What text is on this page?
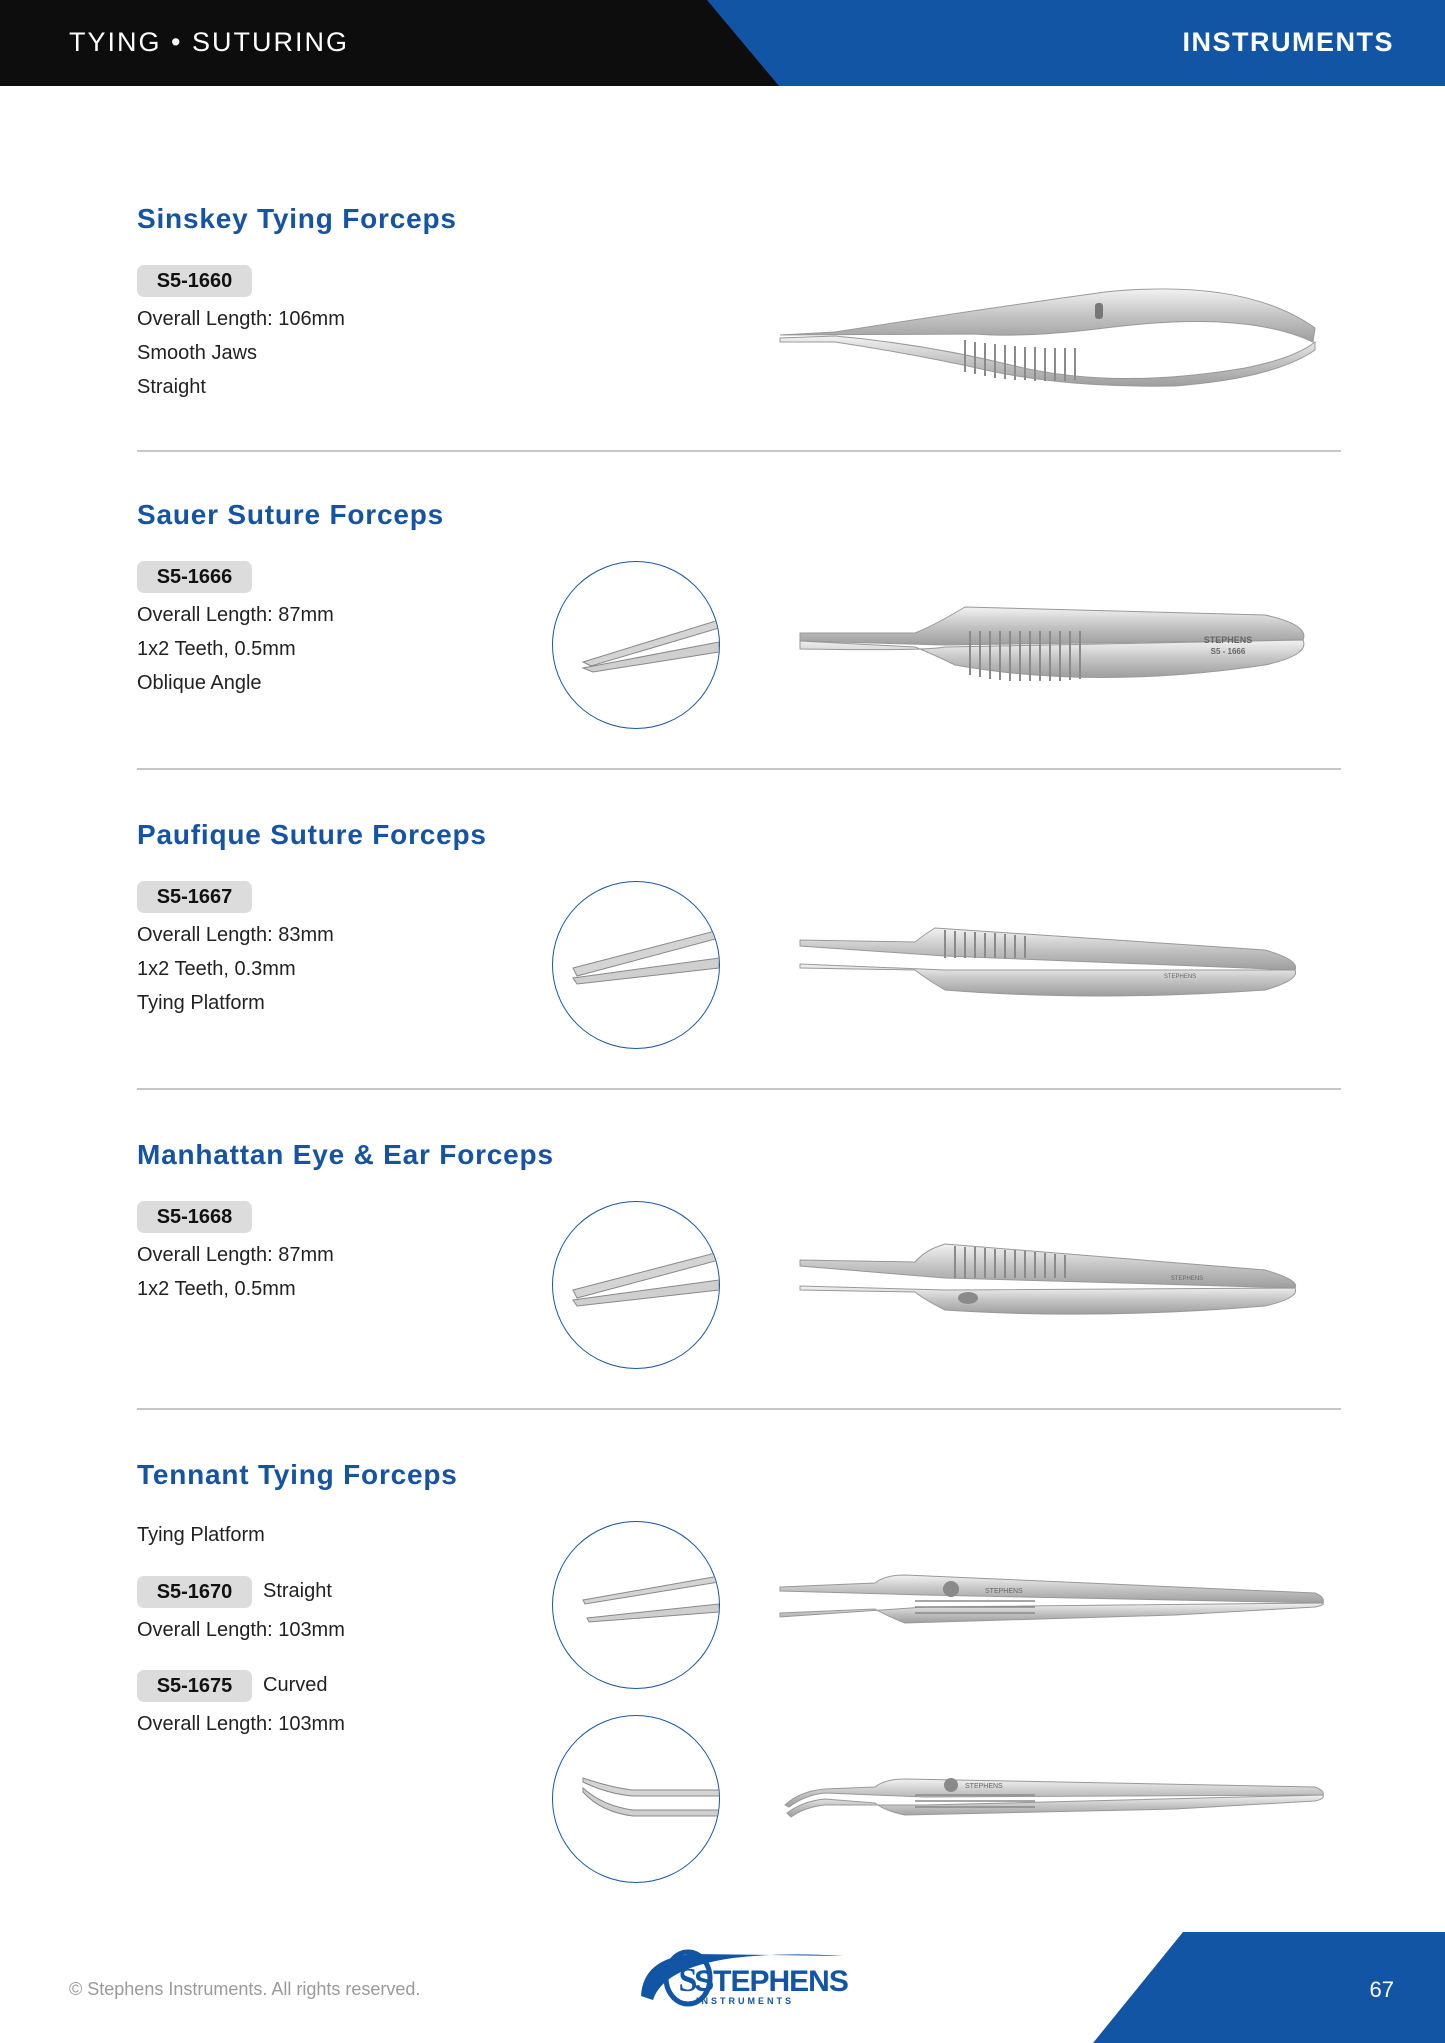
TYING • SUTURING	INSTRUMENTS
Sinskey Tying Forceps
S5-1660
Overall Length: 106mm
Smooth Jaws
Straight
Sauer Suture Forceps
S5-1666
Overall Length: 87mm
1x2 Teeth, 0.5mm
Oblique Angle
STEPHENS
S5 - 1666
Paufique Suture Forceps
S5-1667
Overall Length: 83mm
1x2 Teeth, 0.3mm
Tying Platform
STEPHENS
Manhattan Eye & Ear Forceps
S5-1668
Overall Length: 87mm
1x2 Teeth, 0.5mm	STEPHENS
Tennant Tying Forceps
Tying Platform
S5-1670	Straight
Overall Length: 103mm
S5-1675	Curved
Overall Length: 103mm
STEPHENS
STEPHENS
© Stephens Instruments. All rights reserved.	S
STEPHENS
INSTRUMENTS	67
